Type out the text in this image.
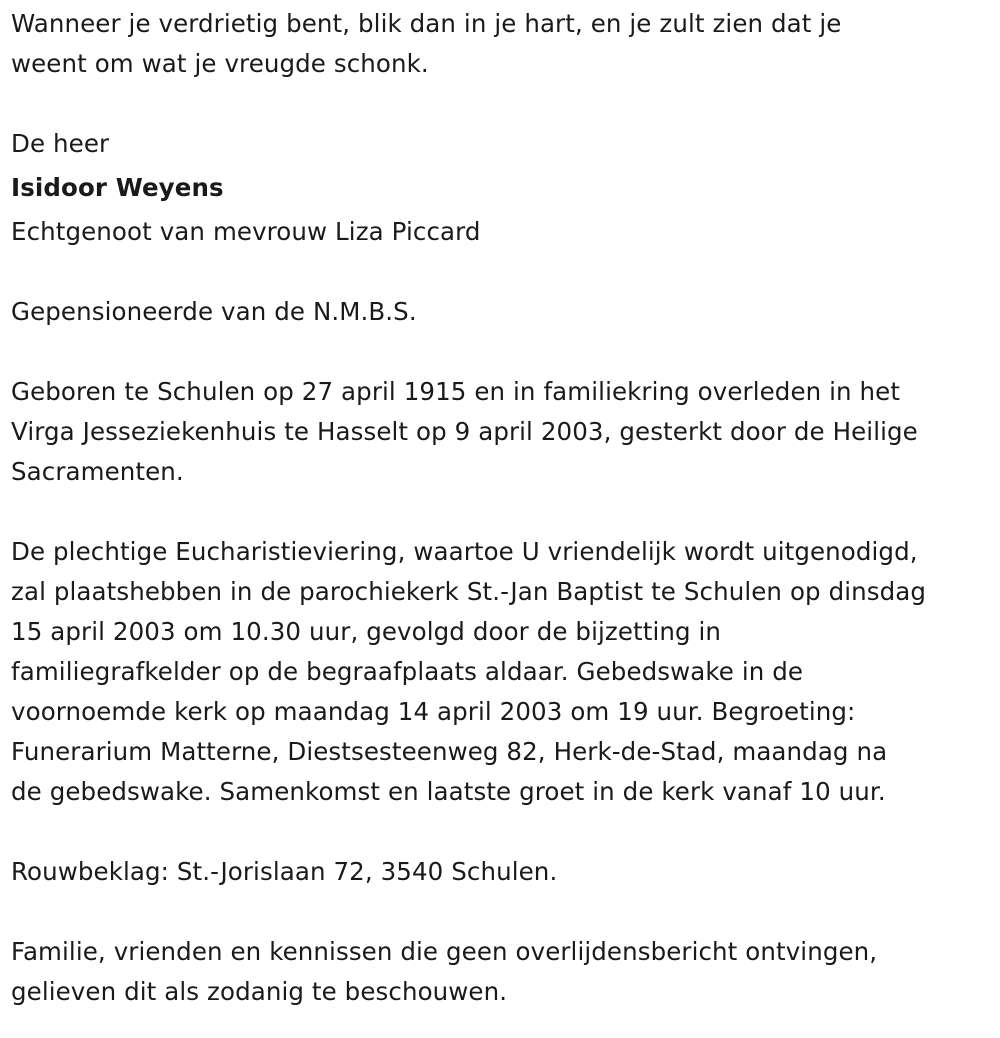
Wanneer je verdrietig bent, blik dan in je hart, en je zult zien dat je
weent om wat je vreugde schonk.

De heer

Isidoor Weyens

Echtgenoot van mevrouw Liza Piccard

Gepensioneerde van de N.M.B.S.

Geboren te Schulen op 27 april 1915 en in familiekring overleden in het
Virga Jesseziekenhuis te Hasselt op 9 april 2003, gesterkt door de Heilige
Sacramenten.

De plechtige Eucharistieviering, waartoe U vriendelijk wordt uitgenodigd,
zal plaatshebben in de parochiekerk St.-Jan Baptist te Schulen op dinsdag
15 april 2003 om 10.30 uur, gevolgd door de bijzetting in
familiegrafkelder op de begraafplaats aldaar. Gebedswake in de
voornoemde kerk op maandag 14 april 2003 om 19 uur. Begroeting:
Funerarium Matterne, Diestsesteenweg 82, Herk-de-Stad, maandag na
de gebedswake. Samenkomst en laatste groet in de kerk vanaf 10 uur.

Rouwbeklag: St.-Jorislaan 72, 3540 Schulen.

Familie, vrienden en kennissen die geen overlijdensbericht ontvingen,
gelieven dit als zodanig te beschouwen.
